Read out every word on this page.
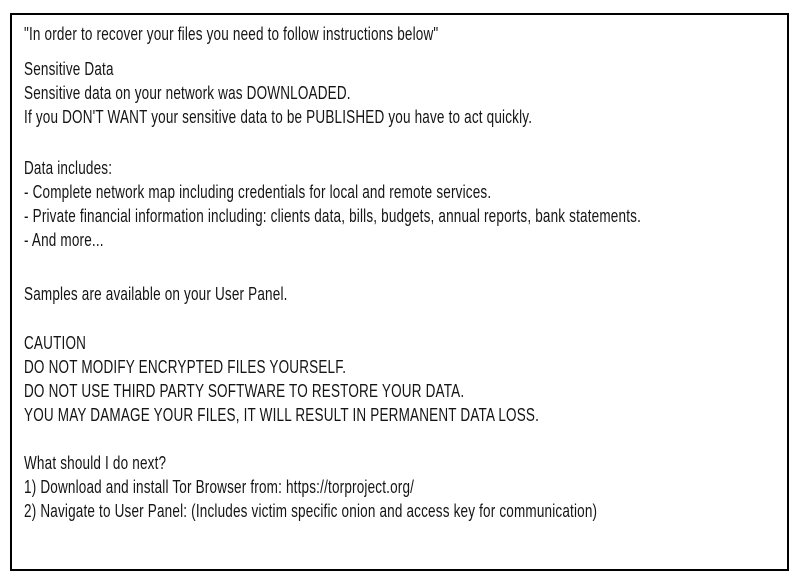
"In order to recover your files you need to follow instructions below"
Sensitive Data
Sensitive data on your network was DOWNLOADED.
If you DON'T WANT your sensitive data to be PUBLISHED you have to act quickly.
Data includes:
- Complete network map including credentials for local and remote services.
- Private financial information including: clients data, bills, budgets, annual reports, bank statements.
- And more...
Samples are available on your User Panel.
CAUTION
DO NOT MODIFY ENCRYPTED FILES YOURSELF.
DO NOT USE THIRD PARTY SOFTWARE TO RESTORE YOUR DATA.
YOU MAY DAMAGE YOUR FILES, IT WILL RESULT IN PERMANENT DATA LOSS.
What should I do next?
1) Download and install Tor Browser from: https://torproject.org/
2) Navigate to User Panel: (Includes victim specific onion and access key for communication)
